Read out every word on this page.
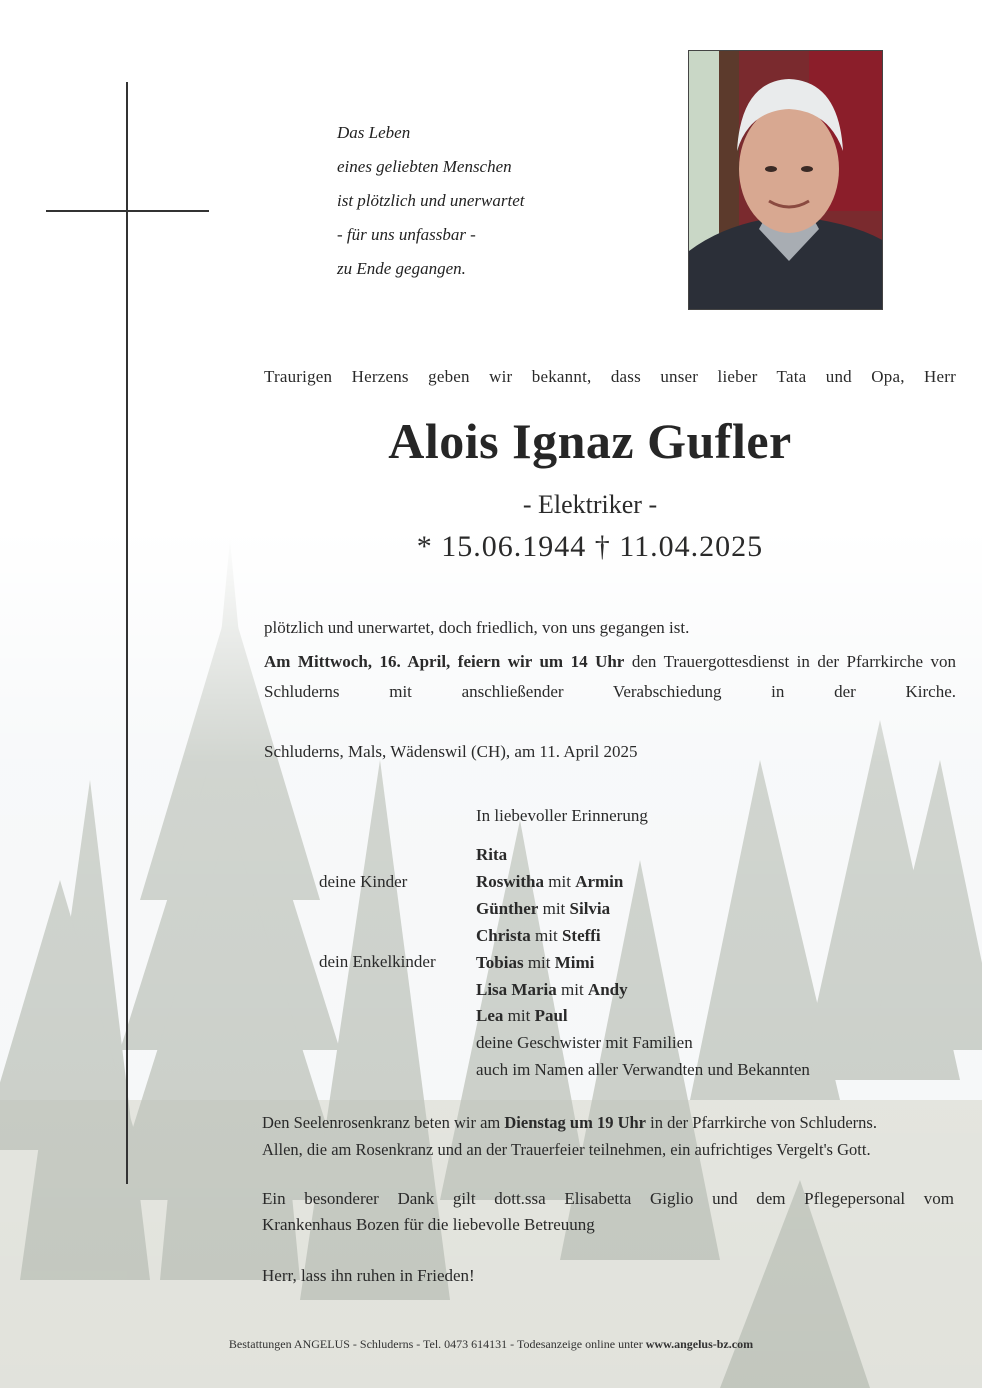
Das Leben
eines geliebten Menschen
ist plötzlich und unerwartet
- für uns unfassbar -
zu Ende gegangen.
Traurigen Herzens geben wir bekannt, dass unser lieber Tata und Opa, Herr
Alois Ignaz Gufler
- Elektriker -
* 15.06.1944 † 11.04.2025
plötzlich und unerwartet, doch friedlich, von uns gegangen ist.
Am Mittwoch, 16. April, feiern wir um 14 Uhr den Trauergottesdienst in der Pfarrkirche von Schluderns mit anschließender Verabschiedung in der Kirche.
Schluderns, Mals, Wädenswil (CH), am 11. April 2025
In liebevoller Erinnerung
deine Kinder
dein Enkelkinder
Rita
Roswitha mit Armin
Günther mit Silvia
Christa mit Steffi
Tobias mit Mimi
Lisa Maria mit Andy
Lea mit Paul
deine Geschwister mit Familien
auch im Namen aller Verwandten und Bekannten
Den Seelenrosenkranz beten wir am Dienstag um 19 Uhr in der Pfarrkirche von Schluderns.
Allen, die am Rosenkranz und an der Trauerfeier teilnehmen, ein aufrichtiges Vergelt's Gott.
Ein besonderer Dank gilt dott.ssa Elisabetta Giglio und dem Pflegepersonal vom
Krankenhaus Bozen für die liebevolle Betreuung
Herr, lass ihn ruhen in Frieden!
Bestattungen ANGELUS - Schluderns - Tel. 0473 614131 - Todesanzeige online unter www.angelus-bz.com
